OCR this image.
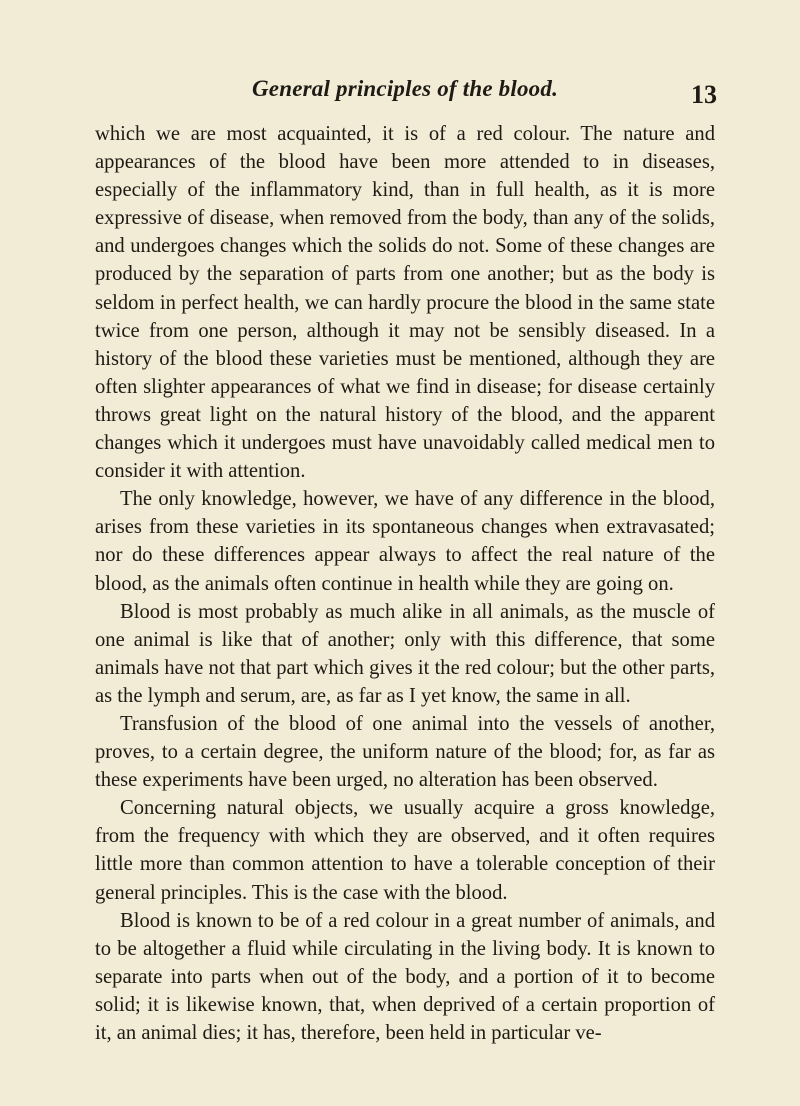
General principles of the blood.	13

which we are most acquainted, it is of a red colour. The nature and appearances of the blood have been more attended to in diseases, especially of the inflammatory kind, than in full health, as it is more expressive of disease, when removed from the body, than any of the solids, and undergoes changes which the solids do not. Some of these changes are produced by the separation of parts from one another; but as the body is seldom in perfect health, we can hardly procure the blood in the same state twice from one person, although it may not be sensibly diseased. In a history of the blood these varieties must be mentioned, although they are often slighter appearances of what we find in disease; for disease certainly throws great light on the natural history of the blood, and the apparent changes which it undergoes must have unavoidably called medical men to consider it with attention.

The only knowledge, however, we have of any difference in the blood, arises from these varieties in its spontaneous changes when extravasated; nor do these differences appear always to affect the real nature of the blood, as the animals often continue in health while they are going on.

Blood is most probably as much alike in all animals, as the muscle of one animal is like that of another; only with this difference, that some animals have not that part which gives it the red colour; but the other parts, as the lymph and serum, are, as far as I yet know, the same in all.

Transfusion of the blood of one animal into the vessels of another, proves, to a certain degree, the uniform nature of the blood; for, as far as these experiments have been urged, no alteration has been observed.

Concerning natural objects, we usually acquire a gross knowledge, from the frequency with which they are observed, and it often requires little more than common attention to have a tolerable conception of their general principles. This is the case with the blood.

Blood is known to be of a red colour in a great number of animals, and to be altogether a fluid while circulating in the living body. It is known to separate into parts when out of the body, and a portion of it to become solid; it is likewise known, that, when deprived of a certain proportion of it, an animal dies; it has, therefore, been held in particular ve-
